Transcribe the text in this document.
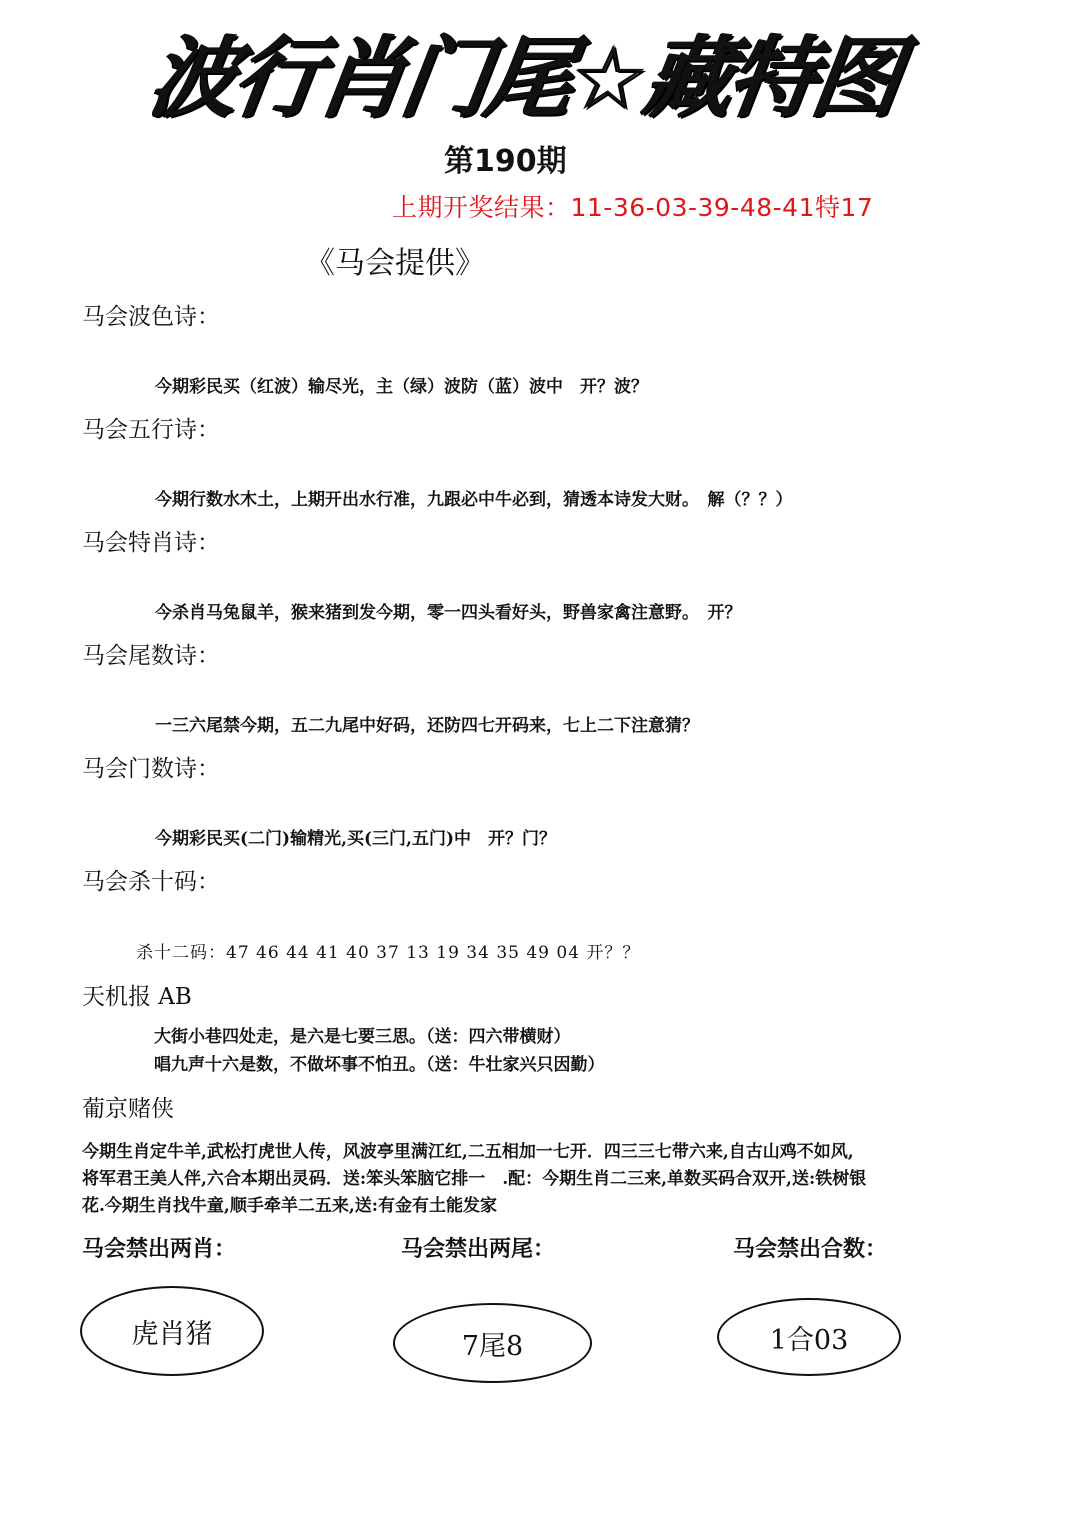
波行肖门尾☆藏特图
第190期
上期开奖结果：11-36-03-39-48-41特17
《马会提供》
马会波色诗：
今期彩民买（红波）输尽光，主（绿）波防（蓝）波中　开？波？
马会五行诗：
今期行数水木土，上期开出水行准，九跟必中牛必到，猜透本诗发大财。　解（？？）
马会特肖诗：
今杀肖马兔鼠羊，猴来猪到发今期，零一四头看好头，野兽家禽注意野。　开？
马会尾数诗：
一三六尾禁今期，五二九尾中好码，还防四七开码来，七上二下注意猜？
马会门数诗：
今期彩民买(二门)输精光,买(三门,五门)中　开？门？
马会杀十码：
杀十二码：47 46 44 41 40 37 13 19 34 35 49 04 开？？
天机报 AB
大街小巷四处走，是六是七要三思。（送：四六带横财）
唱九声十六是数，不做坏事不怕丑。（送：牛壮家兴只因勤）
葡京赌侠
今期生肖定牛羊,武松打虎世人传，风波亭里满江红,二五相加一七开．四三三七带六来,自古山鸡不如风,
将军君王美人伴,六合本期出灵码．送:笨头笨脑它排一　.配：今期生肖二三来,单数买码合双开,送:铁树银
花.今期生肖找牛童,顺手牵羊二五来,送:有金有土能发家
马会禁出两肖：	马会禁出两尾：	马会禁出合数：
虎肖猪	7尾8	1合03
